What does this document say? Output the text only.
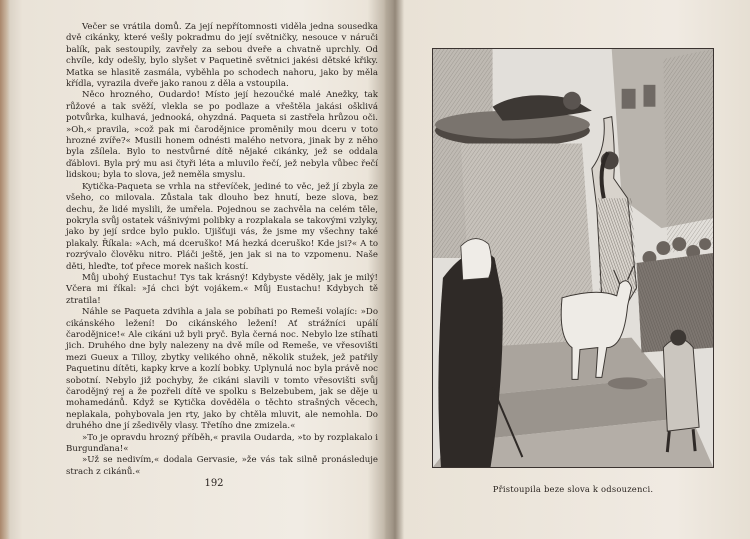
Večer se vrátila domů. Za její nepřítomnosti viděla jedna sousedka dvě cikánky, které vešly pokradmu do její světničky, nesouce v náruči balík, pak sestoupily, zavřely za sebou dveře a chvatně uprchly. Od chvíle, kdy odešly, bylo slyšet v Paquetině světnici jakési dětské křiky. Matka se hlasitě zasmála, vyběhla po schodech nahoru, jako by měla křídla, vyrazila dveře jako ranou z děla a vstoupila.

Něco hrozného, Oudardo! Místo její hezoučké malé Anežky, tak růžové a tak svěží, vlekla se po podlaze a vřeštěla jakási ošklivá potvůrka, kulhavá, jednooká, ohyzdná. Paqueta si zastřela hrůzou oči. »Oh,« pravila, »což pak mi čarodějnice proměnily mou dceru v toto hrozné zvíře?« Musili honem odnésti malého netvora, jinak by z něho byla zšílela. Bylo to nestvůrné dítě nějaké cikánky, jež se oddala ďáblovi. Byla prý mu asi čtyři léta a mluvilo řečí, jež nebyla vůbec řečí lidskou; byla to slova, jež neměla smyslu.

Kytička-Paqueta se vrhla na střevíček, jediné to věc, jež jí zbyla ze všeho, co milovala. Zůstala tak dlouho bez hnutí, beze slova, bez dechu, že lidé myslili, že umřela. Pojednou se zachvěla na celém těle, pokryla svůj ostatek vášnivými polibky a rozplakala se takovými vzlyky, jako by její srdce bylo puklo. Ujišťuji vás, že jsme my všechny také plakaly. Říkala: »Ach, má dceruško! Má hezká dceruško! Kde jsi?« A to rozrývalo člověku nitro. Pláči ještě, jen jak si na to vzpomenu. Naše děti, hleďte, toť přece morek našich kostí.

Můj ubohý Eustachu! Tys tak krásný! Kdybyste věděly, jak je milý! Včera mi říkal: »Já chci být vojákem.« Můj Eustachu! Kdybych tě ztratila!

Náhle se Paqueta zdvihla a jala se pobíhati po Remeši volajíc: »Do cikánského ležení! Do cikánského ležení! Ať strážníci upálí čarodějnice!« Ale cikáni už byli pryč. Byla černá noc. Nebylo lze stíhati jich. Druhého dne byly nalezeny na dvě míle od Remeše, ve vřesovišti mezi Gueux a Tilloy, zbytky velikého ohně, několik stužek, jež patřily Paquetinu dítěti, kapky krve a kozlí bobky. Uplynulá noc byla právě noc sobotní. Nebylo již pochyby, že cikáni slavili v tomto vřesovišti svůj čarodějný rej a že pozřeli dítě ve spolku s Belzebubem, jak se děje u mohamedánů. Když se Kytička dověděla o těchto strašných věcech, neplakala, pohybovala jen rty, jako by chtěla mluvit, ale nemohla. Do druhého dne jí zšedivěly vlasy. Třetího dne zmizela.«

»To je opravdu hrozný příběh,« pravila Oudarda, »to by rozplakalo i Burgunďana!«

»Už se nedivím,« dodala Gervasie, »že vás tak silně pronásleduje strach z cikánů.«

192	Přistoupila beze slova k odsouzenci.
